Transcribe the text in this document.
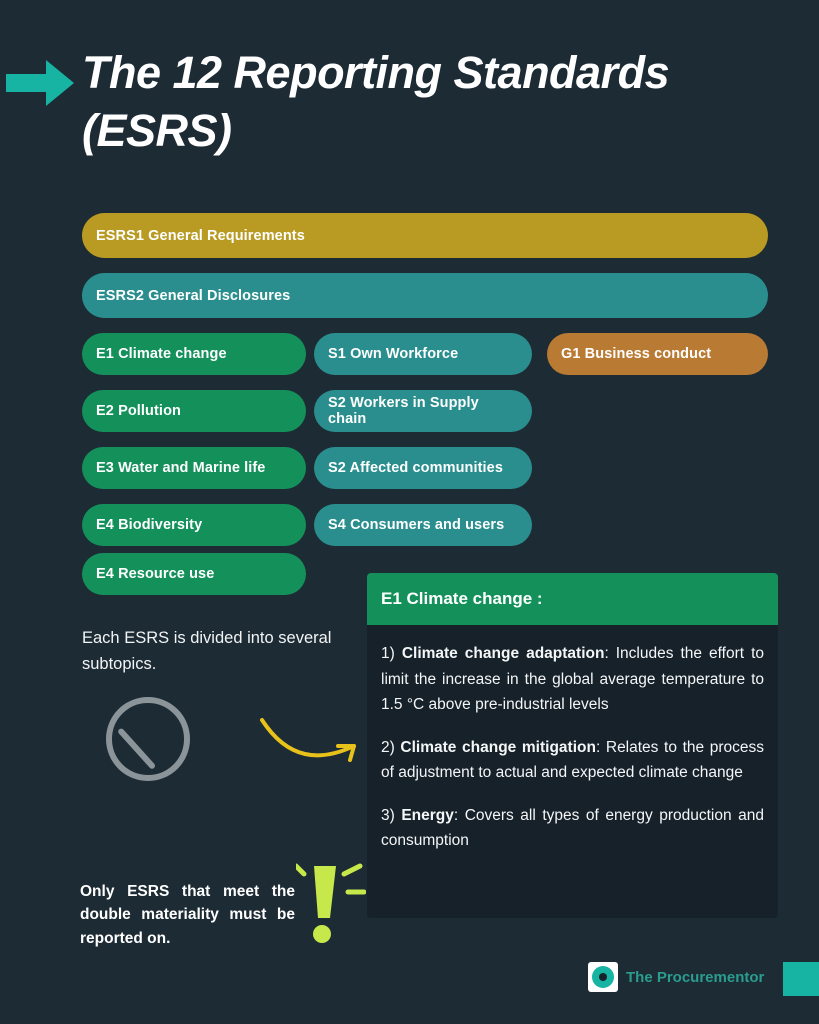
The 12 Reporting Standards (ESRS)
ESRS1 General Requirements
ESRS2 General Disclosures
E1 Climate change
E2 Pollution
E3 Water and Marine life
E4 Biodiversity
E4 Resource use
S1 Own Workforce
S2 Workers in Supply chain
S2 Affected communities
S4 Consumers and users
G1 Business conduct
Each ESRS is divided into several subtopics.
Only ESRS that meet the double materiality must be reported on.
E1 Climate change :
1) Climate change adaptation: Includes the effort to limit the increase in the global average temperature to 1.5 °C above pre-industrial levels
2) Climate change mitigation: Relates to the process of adjustment to actual and expected climate change
3) Energy: Covers all types of energy production and consumption
The Procurementor
